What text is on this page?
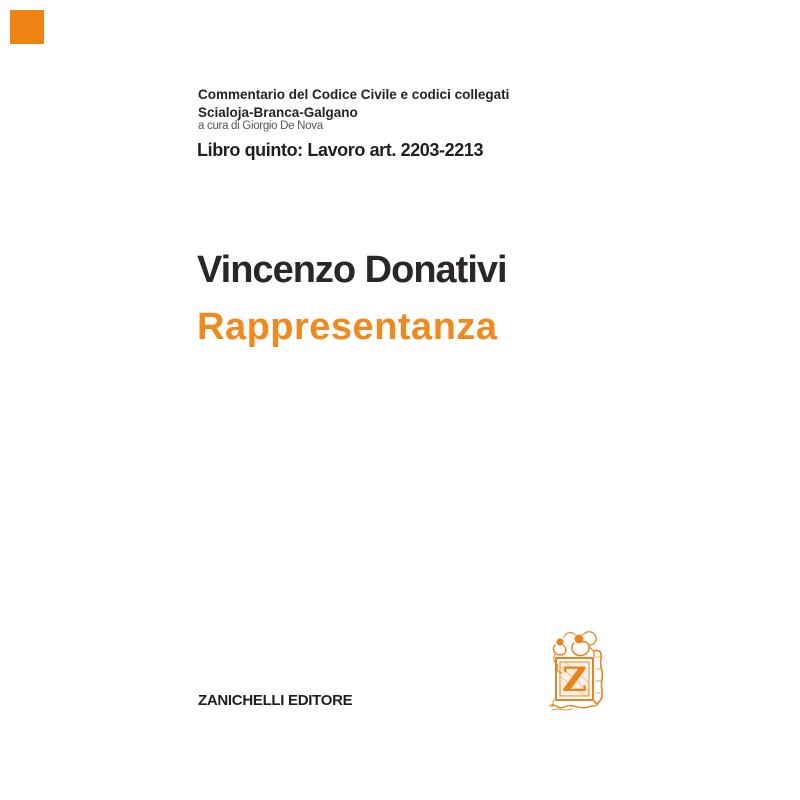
Commentario del Codice Civile e codici collegati
Scialoja-Branca-Galgano
a cura di Giorgio De Nova
Libro quinto: Lavoro art. 2203-2213
Vincenzo Donativi
Rappresentanza
Z
ZANICHELLI EDITORE
